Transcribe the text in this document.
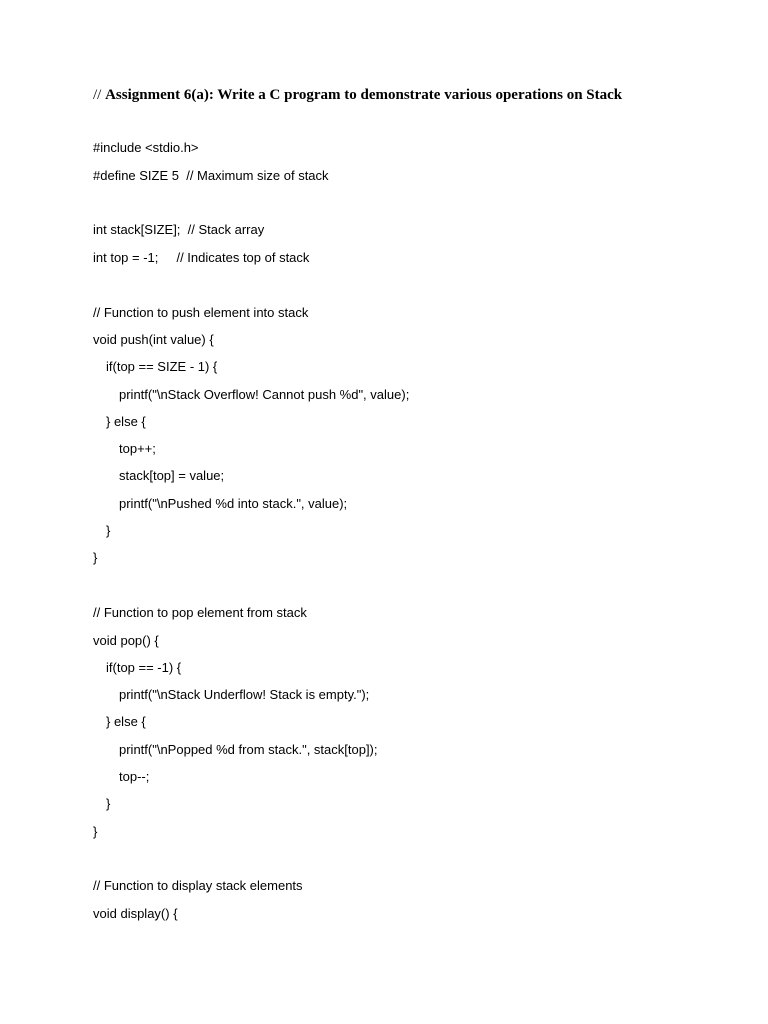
// Assignment 6(a): Write a C program to demonstrate various operations on Stack
#include <stdio.h>
#define SIZE 5  // Maximum size of stack
int stack[SIZE];  // Stack array
int top = -1;     // Indicates top of stack
// Function to push element into stack
void push(int value) {
if(top == SIZE - 1) {
printf("\nStack Overflow! Cannot push %d", value);
} else {
top++;
stack[top] = value;
printf("\nPushed %d into stack.", value);
}
}
// Function to pop element from stack
void pop() {
if(top == -1) {
printf("\nStack Underflow! Stack is empty.");
} else {
printf("\nPopped %d from stack.", stack[top]);
top--;
}
}
// Function to display stack elements
void display() {
